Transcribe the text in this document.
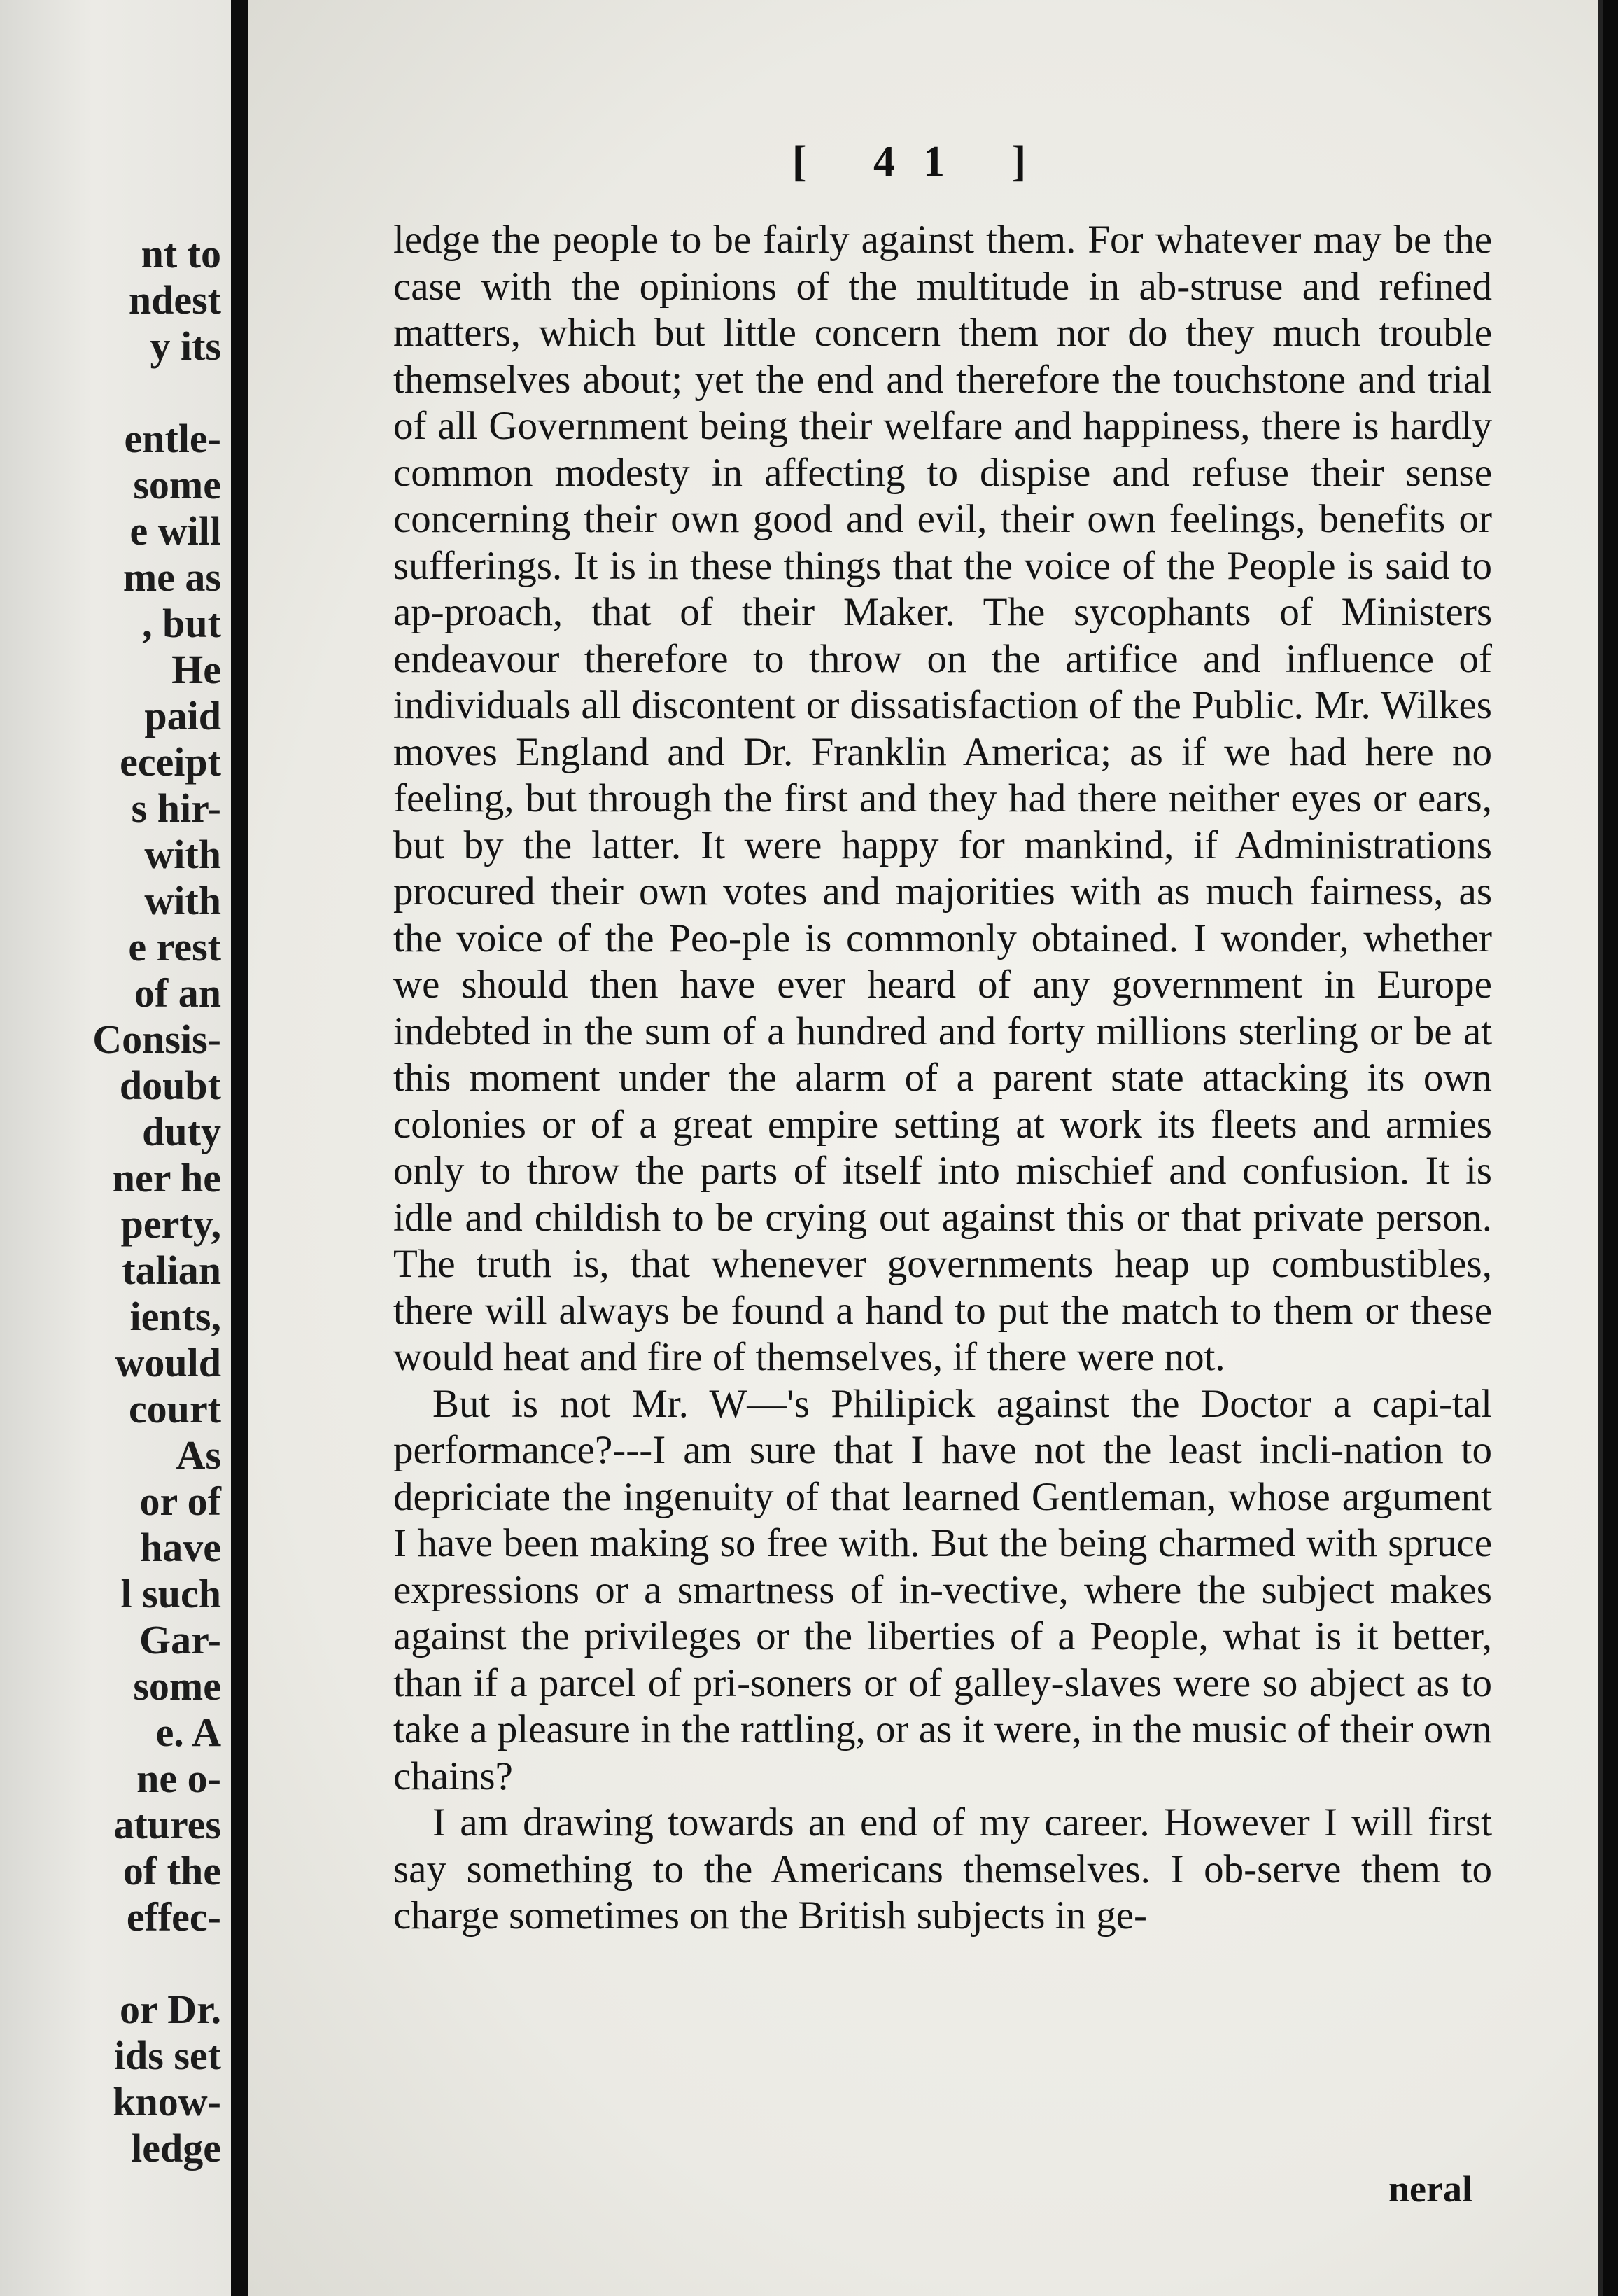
nt to
ndest
y its
entle-
some
e will
me as
, but
He
paid
eceipt
s hir-
with
with
e rest
of an
Consis-
doubt
duty
ner he
perty,
talian
ients,
would
court
As
or of
have
l such
Gar-
some
e. A
ne o-
atures
of the
effec-
or Dr.
ids set
know-
ledge
[ 41 ]

ledge the people to be fairly against them. For whatever may be the case with the opinions of the multitude in ab-struse and refined matters, which but little concern them nor do they much trouble themselves about; yet the end and therefore the touchstone and trial of all Government being their welfare and happiness, there is hardly common modesty in affecting to dispise and refuse their sense concerning their own good and evil, their own feelings, benefits or sufferings. It is in these things that the voice of the People is said to ap-proach, that of their Maker. The sycophants of Ministers endeavour therefore to throw on the artifice and influence of individuals all discontent or dissatisfaction of the Public. Mr. Wilkes moves England and Dr. Franklin America; as if we had here no feeling, but through the first and they had there neither eyes or ears, but by the latter. It were happy for mankind, if Administrations procured their own votes and majorities with as much fairness, as the voice of the Peo-ple is commonly obtained. I wonder, whether we should then have ever heard of any government in Europe indebted in the sum of a hundred and forty millions sterling or be at this moment under the alarm of a parent state attacking its own colonies or of a great empire setting at work its fleets and armies only to throw the parts of itself into mischief and confusion. It is idle and childish to be crying out against this or that private person. The truth is, that whenever governments heap up combustibles, there will always be found a hand to put the match to them or these would heat and fire of themselves, if there were not.

But is not Mr. W—'s Philipick against the Doctor a capi-tal performance?---I am sure that I have not the least incli-nation to depriciate the ingenuity of that learned Gentleman, whose argument I have been making so free with. But the being charmed with spruce expressions or a smartness of in-vective, where the subject makes against the privileges or the liberties of a People, what is it better, than if a parcel of pri-soners or of galley-slaves were so abject as to take a pleasure in the rattling, or as it were, in the music of their own chains?

I am drawing towards an end of my career. However I will first say something to the Americans themselves. I ob-serve them to charge sometimes on the British subjects in ge-

neral
